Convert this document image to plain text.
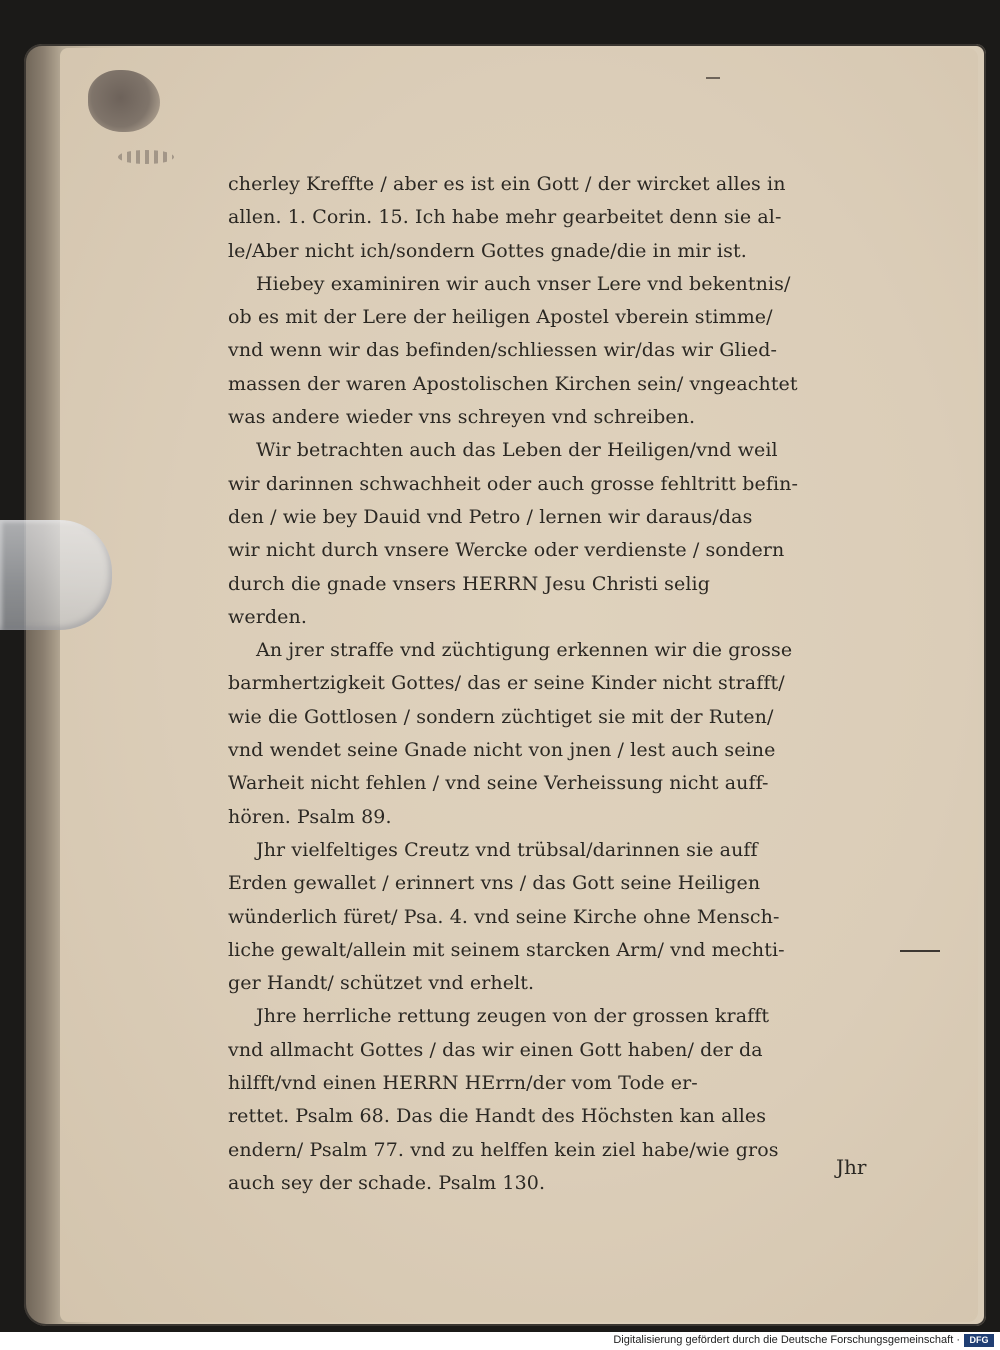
cherley Kreffte / aber es ist ein Gott / der wircket alles in
allen. 1. Corin. 15. Ich habe mehr gearbeitet denn sie al-
le/Aber nicht ich/sondern Gottes gnade/die in mir ist.
Hiebey examiniren wir auch vnser Lere vnd bekentnis/
ob es mit der Lere der heiligen Apostel vberein stimme/
vnd wenn wir das befinden/schliessen wir/das wir Glied-
massen der waren Apostolischen Kirchen sein/ vngeachtet
was andere wieder vns schreyen vnd schreiben.
Wir betrachten auch das Leben der Heiligen/vnd weil
wir darinnen schwachheit oder auch grosse fehltritt befin-
den / wie bey Dauid vnd Petro / lernen wir daraus/das
wir nicht durch vnsere Wercke oder verdienste / sondern
durch die gnade vnsers HERRN Jesu Christi selig
werden.
An jrer straffe vnd züchtigung erkennen wir die grosse
barmhertzigkeit Gottes/ das er seine Kinder nicht strafft/
wie die Gottlosen / sondern züchtiget sie mit der Ruten/
vnd wendet seine Gnade nicht von jnen / lest auch seine
Warheit nicht fehlen / vnd seine Verheissung nicht auff-
hören. Psalm 89.
Jhr vielfeltiges Creutz vnd trübsal/darinnen sie auff
Erden gewallet / erinnert vns / das Gott seine Heiligen
wünderlich füret/ Psa. 4. vnd seine Kirche ohne Mensch-
liche gewalt/allein mit seinem starcken Arm/ vnd mechti-
ger Handt/ schützet vnd erhelt.
Jhre herrliche rettung zeugen von der grossen krafft
vnd allmacht Gottes / das wir einen Gott haben/ der da
hilfft/vnd einen HERRN HErrn/der vom Tode er-
rettet. Psalm 68. Das die Handt des Höchsten kan alles
endern/ Psalm 77. vnd zu helffen kein ziel habe/wie gros
auch sey der schade. Psalm 130.
Jhr
Digitalisierung gefördert durch die Deutsche Forschungsgemeinschaft ·	DFG
